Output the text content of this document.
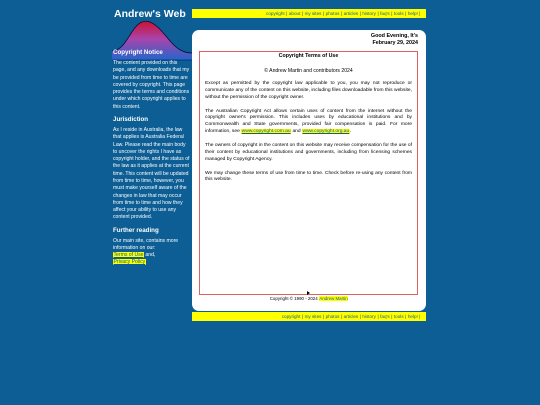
Andrew's Web	copyright | about | my sites | photos | articles | history | faq's | tools | help! |
Copyright Notice
The content provided on this page, and any downloads that my be provided from time to time are covered by copyright. This page provides the terms and conditions under which copyright applies to this content.
Jurisdiction
As I reside in Australia, the law that applies is Australia Federal Law. Please read the main body to uncover the rights I have as copyright holder, and the status of the law as it applies at the current time. This content will be updated from time to time, however, you must make yourself aware of the changes in law that may occur from time to time and how they affect your ability to use any content provided.
Further reading
Our main site, contains more information on our:
Terms of Use and,
Privacy Policy
Good Evening, It's
February 29, 2024
Copyright Terms of Use
© Andrew Martin and contributors 2024

Except as permitted by the copyright law applicable to you, you may not reproduce or communicate any of the content on this website, including files downloadable from this website, without the permission of the copyright owner.

The Australian Copyright Act allows certain uses of content from the internet without the copyright owner's permission. This includes uses by educational institutions and by Commonwealth and State governments, provided fair compensation is paid. For more information, see www.copyright.com.au and www.copyright.org.au.

The owners of copyright in the content on this website may receive compensation for the use of their content by educational institutions and governments, including from licensing schemes managed by Copyright Agency.

We may change these terms of use from time to time. Check before re-using any content from this website.

Copyright © 1990 - 2024 Andrew Martin
copyright | my sites | photos | articles | history | faq's | tools | help! |
